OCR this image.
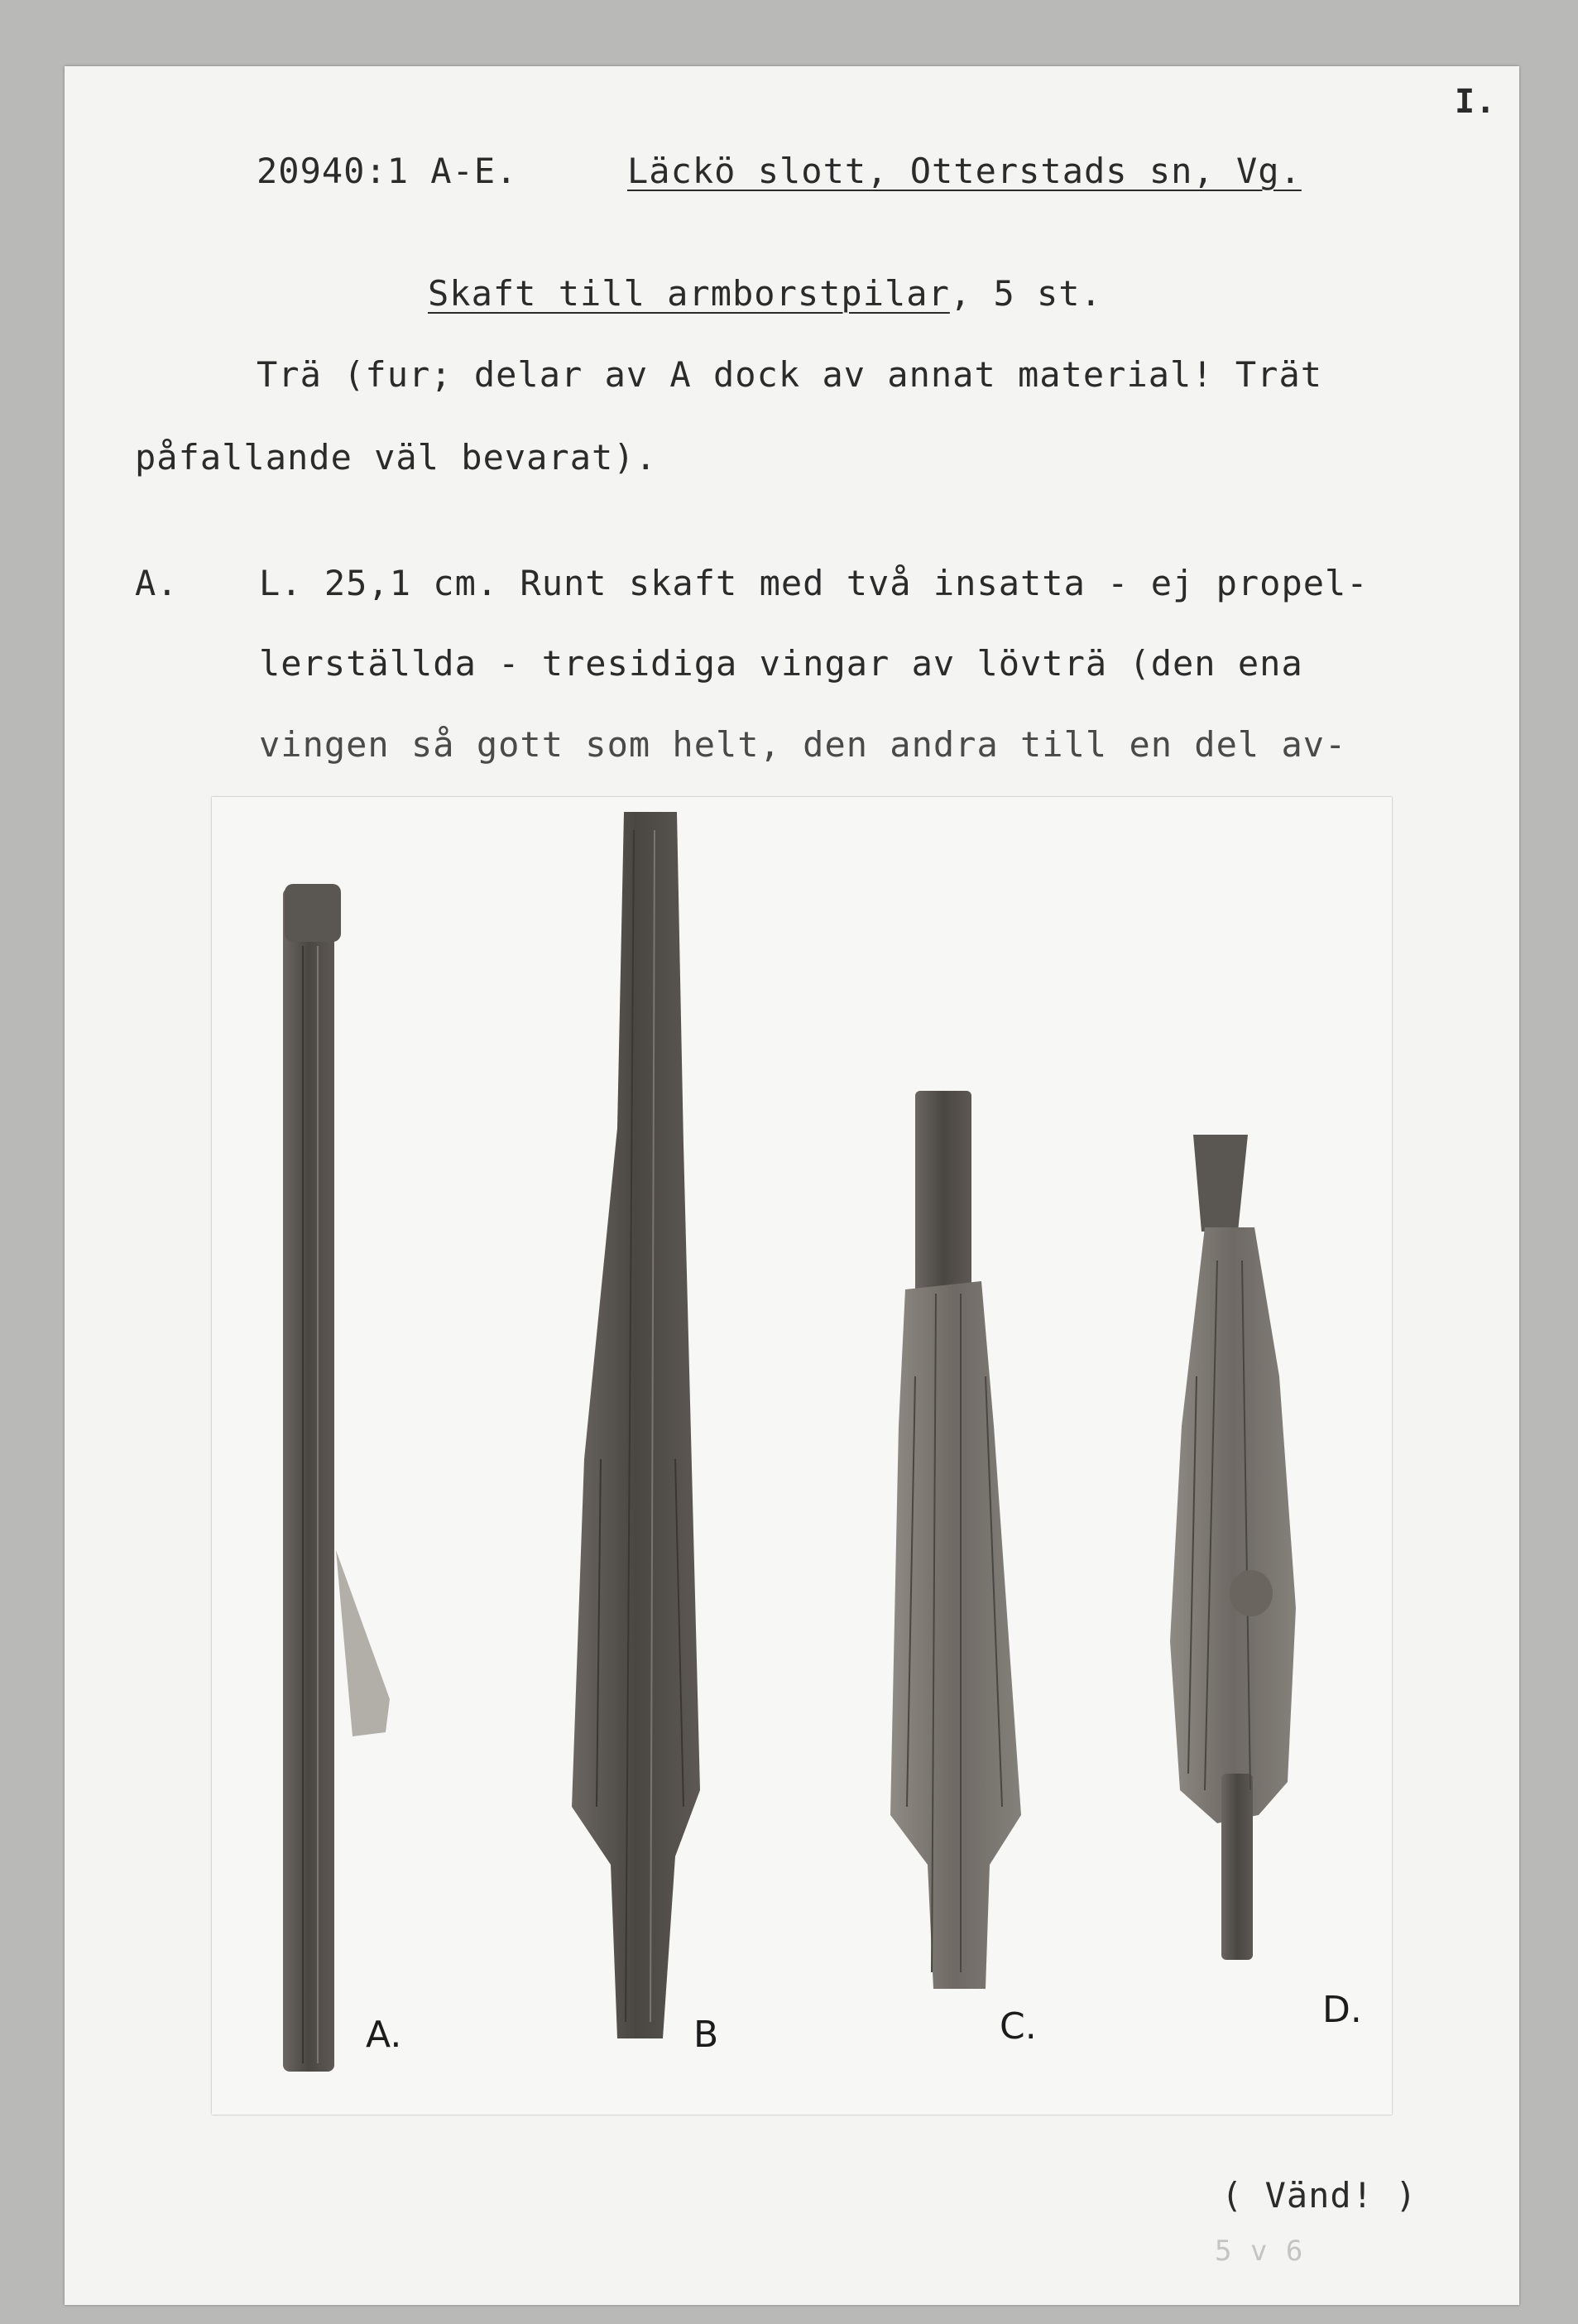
I.
20940:1 A-E.	Läckö slott, Otterstads sn, Vg.
Skaft till armborstpilar, 5 st.
Trä (fur; delar av A dock av annat material! Trät
påfallande väl bevarat).
A. L. 25,1 cm. Runt skaft med två insatta - ej propel-
lerställda - tresidiga vingar av lövträ (den ena
vingen så gott som helt, den andra till en del av-
A.	B	C.	D.
( Vänd! )
5 v 6
